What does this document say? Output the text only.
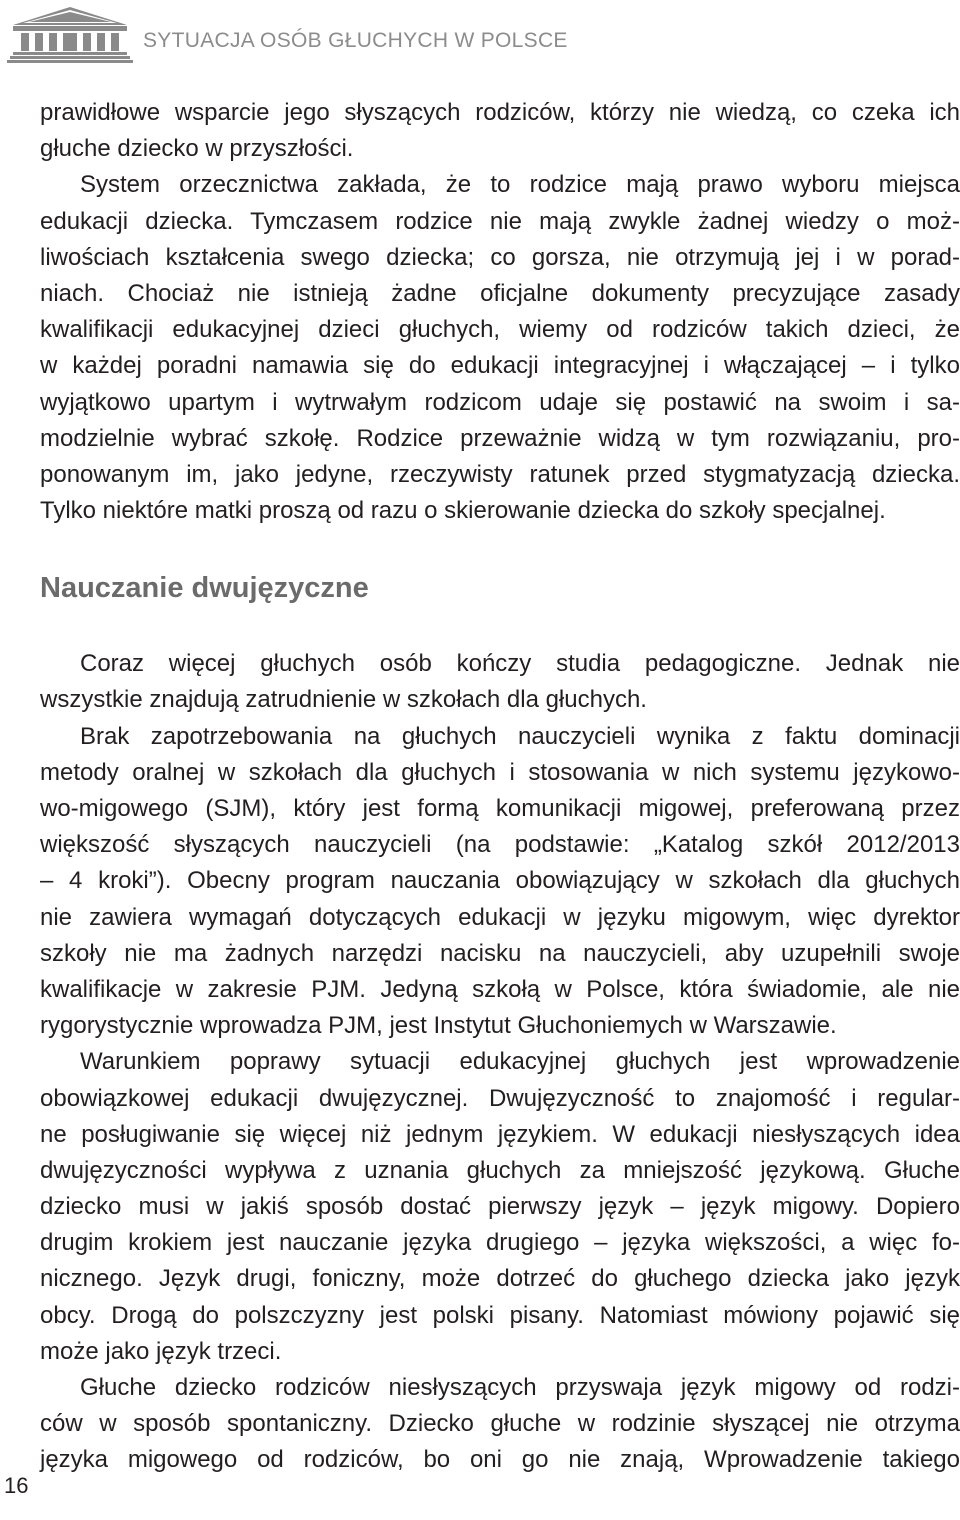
SYTUACJA OSÓB GŁUCHYCH W POLSCE
prawidłowe wsparcie jego słyszących rodziców, którzy nie wiedzą, co czeka ich
głuche dziecko w przyszłości.
System orzecznictwa zakłada, że to rodzice mają prawo wyboru miejsca
edukacji dziecka. Tymczasem rodzice nie mają zwykle żadnej wiedzy o moż-
liwościach kształcenia swego dziecka; co gorsza, nie otrzymują jej i w porad-
niach. Chociaż nie istnieją żadne oficjalne dokumenty precyzujące zasady
kwalifikacji edukacyjnej dzieci głuchych, wiemy od rodziców takich dzieci, że
w każdej poradni namawia się do edukacji integracyjnej i włączającej – i tylko
wyjątkowo upartym i wytrwałym rodzicom udaje się postawić na swoim i sa-
modzielnie wybrać szkołę. Rodzice przeważnie widzą w tym rozwiązaniu, pro-
ponowanym im, jako jedyne, rzeczywisty ratunek przed stygmatyzacją dziecka.
Tylko niektóre matki proszą od razu o skierowanie dziecka do szkoły specjalnej.
Nauczanie dwujęzyczne
Coraz więcej głuchych osób kończy studia pedagogiczne. Jednak nie
wszystkie znajdują zatrudnienie w szkołach dla głuchych.
Brak zapotrzebowania na głuchych nauczycieli wynika z faktu dominacji
metody oralnej w szkołach dla głuchych i stosowania w nich systemu językowo-
wo-migowego (SJM), który jest formą komunikacji migowej, preferowaną przez
większość słyszących nauczycieli (na podstawie: „Katalog szkół 2012/2013
– 4 kroki”). Obecny program nauczania obowiązujący w szkołach dla głuchych
nie zawiera wymagań dotyczących edukacji w języku migowym, więc dyrektor
szkoły nie ma żadnych narzędzi nacisku na nauczycieli, aby uzupełnili swoje
kwalifikacje w zakresie PJM. Jedyną szkołą w Polsce, która świadomie, ale nie
rygorystycznie wprowadza PJM, jest Instytut Głuchoniemych w Warszawie.
Warunkiem poprawy sytuacji edukacyjnej głuchych jest wprowadzenie
obowiązkowej edukacji dwujęzycznej. Dwujęzyczność to znajomość i regular-
ne posługiwanie się więcej niż jednym językiem. W edukacji niesłyszących idea
dwujęzyczności wypływa z uznania głuchych za mniejszość językową. Głuche
dziecko musi w jakiś sposób dostać pierwszy język – język migowy. Dopiero
drugim krokiem jest nauczanie języka drugiego – języka większości, a więc fo-
nicznego. Język drugi, foniczny, może dotrzeć do głuchego dziecka jako język
obcy. Drogą do polszczyzny jest polski pisany. Natomiast mówiony pojawić się
może jako język trzeci.
Głuche dziecko rodziców niesłyszących przyswaja język migowy od rodzi-
ców w sposób spontaniczny. Dziecko głuche w rodzinie słyszącej nie otrzyma
języka migowego od rodziców, bo oni go nie znają, Wprowadzenie takiego
16
